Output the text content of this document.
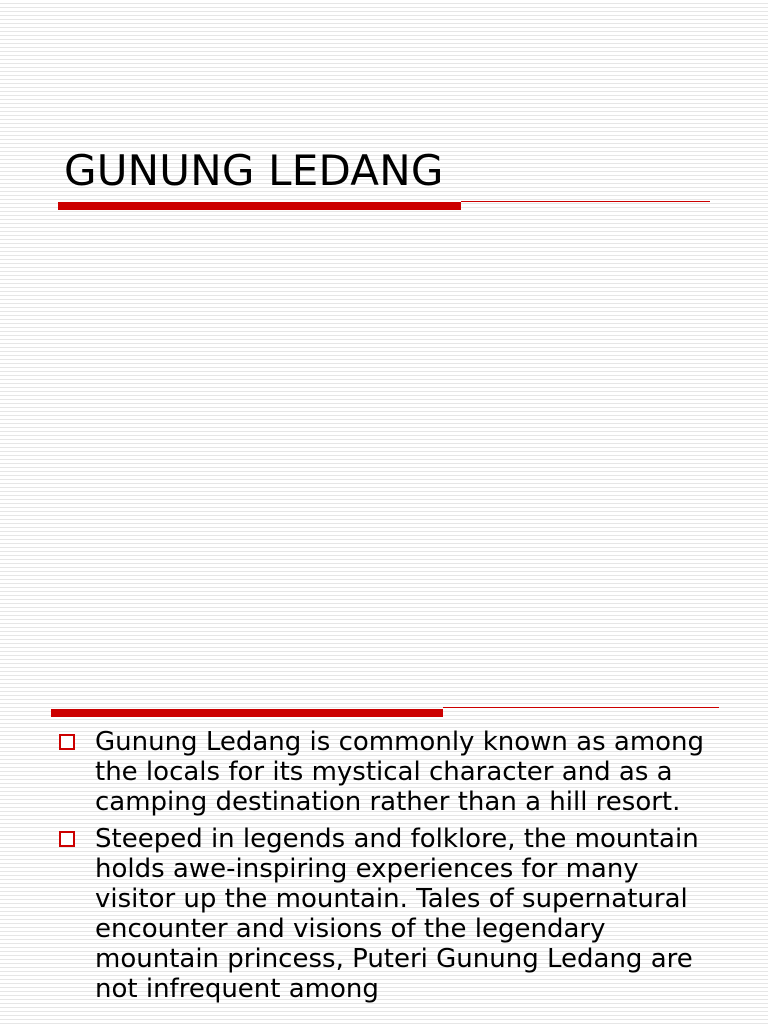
GUNUNG LEDANG
Gunung Ledang is commonly known as among the locals for its mystical character and as a camping destination rather than a hill resort.
Steeped in legends and folklore, the mountain holds awe-inspiring experiences for many visitor up the mountain. Tales of supernatural encounter and visions of the legendary mountain princess, Puteri Gunung Ledang are not infrequent among
